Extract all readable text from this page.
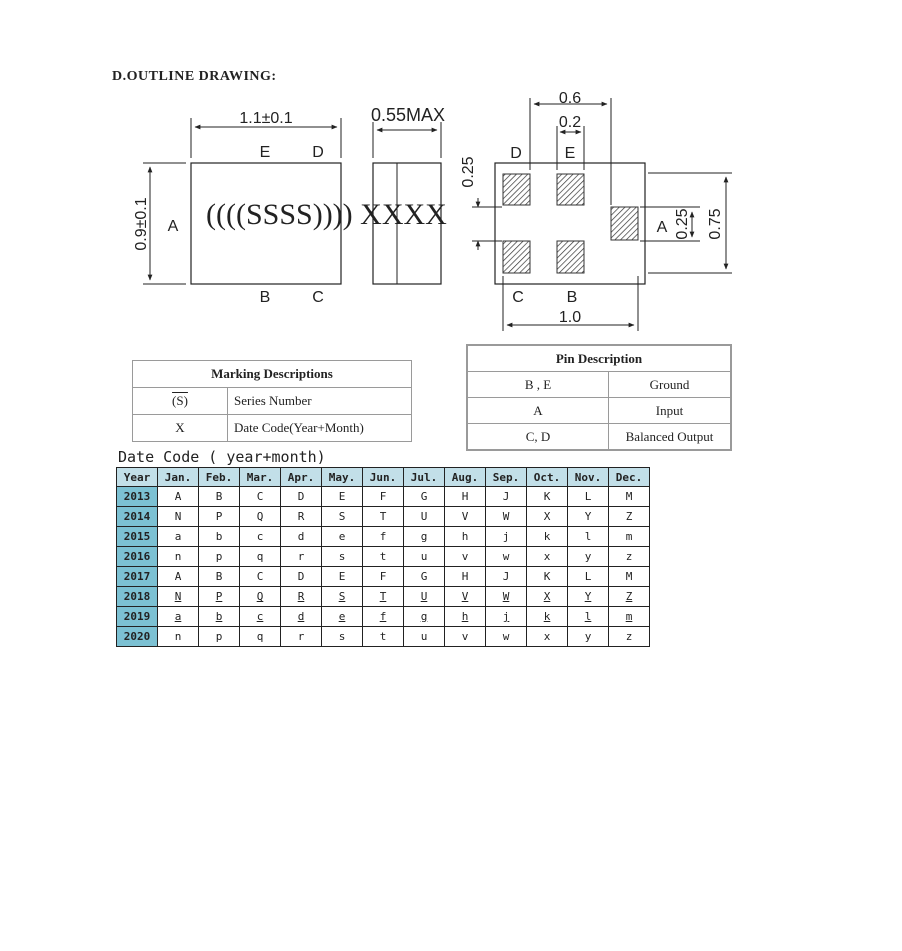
D.OUTLINE DRAWING:
1.1±0.1
0.9±0.1 ((((SSSS)))) XXXX
E	D
A
B	C
0.55MAX
0.6
0.2
0.25
0.25 0.75
1.0
D	E
A
C	B
Marking Descriptions	
(S)	Series Number
X	Date Code(Year+Month)
Pin Description	
B , E	Ground
A	Input
C, D	Balanced Output
Date Code ( year+month)
Year	Jan.	Feb.	Mar.	Apr.	May.	Jun.	Jul.	Aug.	Sep.	Oct.	Nov.	Dec.
2013	A	B	C	D	E	F	G	H	J	K	L	M
2014	N	P	Q	R	S	T	U	V	W	X	Y	Z
2015	a	b	c	d	e	f	g	h	j	k	l	m
2016	n	p	q	r	s	t	u	v	w	x	y	z
2017	A	B	C	D	E	F	G	H	J	K	L	M
2018	N	P	Q	R	S	T	U	V	W	X	Y	Z
2019	a	b	c	d	e	f	g	h	j	k	l	m
2020	n	p	q	r	s	t	u	v	w	x	y	z
